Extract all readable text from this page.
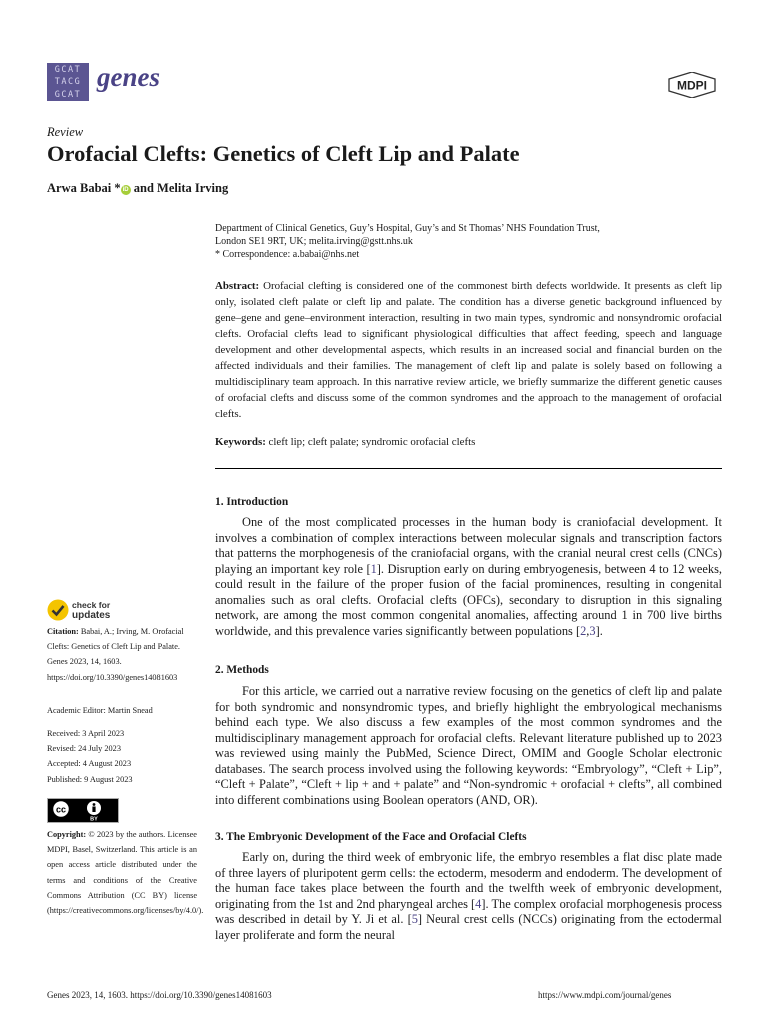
GCAT
TACG
GCAT
genes	MDPI
Review
Orofacial Clefts: Genetics of Cleft Lip and Palate
Arwa Babai * iD and Melita Irving
Department of Clinical Genetics, Guy’s Hospital, Guy’s and St Thomas’ NHS Foundation Trust,
London SE1 9RT, UK; melita.irving@gstt.nhs.uk
* Correspondence: a.babai@nhs.net
Abstract: Orofacial clefting is considered one of the commonest birth defects worldwide. It presents as cleft lip only, isolated cleft palate or cleft lip and palate. The condition has a diverse genetic background influenced by gene–gene and gene–environment interaction, resulting in two main types, syndromic and nonsyndromic orofacial clefts. Orofacial clefts lead to significant physiological difficulties that affect feeding, speech and language development and other developmental aspects, which results in an increased social and financial burden on the affected individuals and their families. The management of cleft lip and palate is solely based on following a multidisciplinary team approach. In this narrative review article, we briefly summarize the different genetic causes of orofacial clefts and discuss some of the common syndromes and the approach to the management of orofacial clefts.
Keywords: cleft lip; cleft palate; syndromic orofacial clefts
check for
updates
Citation: Babai, A.; Irving, M. Orofacial Clefts: Genetics of Cleft Lip and Palate. Genes 2023, 14, 1603. https://doi.org/10.3390/genes14081603
Academic Editor: Martin Snead
Received: 3 April 2023
Revised: 24 July 2023
Accepted: 4 August 2023
Published: 9 August 2023
cc
BY
Copyright: © 2023 by the authors. Licensee MDPI, Basel, Switzerland. This article is an open access article distributed under the terms and conditions of the Creative Commons Attribution (CC BY) license (https://creativecommons.org/licenses/by/4.0/).
1. Introduction
One of the most complicated processes in the human body is craniofacial development. It involves a combination of complex interactions between molecular signals and transcription factors that patterns the morphogenesis of the craniofacial organs, with the cranial neural crest cells (CNCs) playing an important key role [1]. Disruption early on during embryogenesis, between 4 to 12 weeks, could result in the failure of the proper fusion of the facial prominences, resulting in congenital anomalies such as oral clefts. Orofacial clefts (OFCs), secondary to disruption in this signaling network, are among the most common congenital anomalies, affecting around 1 in 700 live births worldwide, and this prevalence varies significantly between populations [2,3].
2. Methods
For this article, we carried out a narrative review focusing on the genetics of cleft lip and palate for both syndromic and nonsyndromic types, and briefly highlight the embryological mechanisms behind each type. We also discuss a few examples of the most common syndromes and the multidisciplinary management approach for orofacial clefts. Relevant literature published up to 2023 was reviewed using mainly the PubMed, Science Direct, OMIM and Google Scholar electronic databases. The search process involved using the following keywords: “Embryology”, “Cleft + Lip”, “Cleft + Palate”, “Cleft + lip + and + palate” and “Non-syndromic + orofacial + clefts”, all combined into different combinations using Boolean operators (AND, OR).
3. The Embryonic Development of the Face and Orofacial Clefts
Early on, during the third week of embryonic life, the embryo resembles a flat disc plate made of three layers of pluripotent germ cells: the ectoderm, mesoderm and endoderm. The development of the human face takes place between the fourth and the twelfth week of embryonic development, originating from the 1st and 2nd pharyngeal arches [4]. The complex orofacial morphogenesis process was described in detail by Y. Ji et al. [5] Neural crest cells (NCCs) originating from the ectodermal layer proliferate and form the neural
Genes 2023, 14, 1603. https://doi.org/10.3390/genes14081603	https://www.mdpi.com/journal/genes
